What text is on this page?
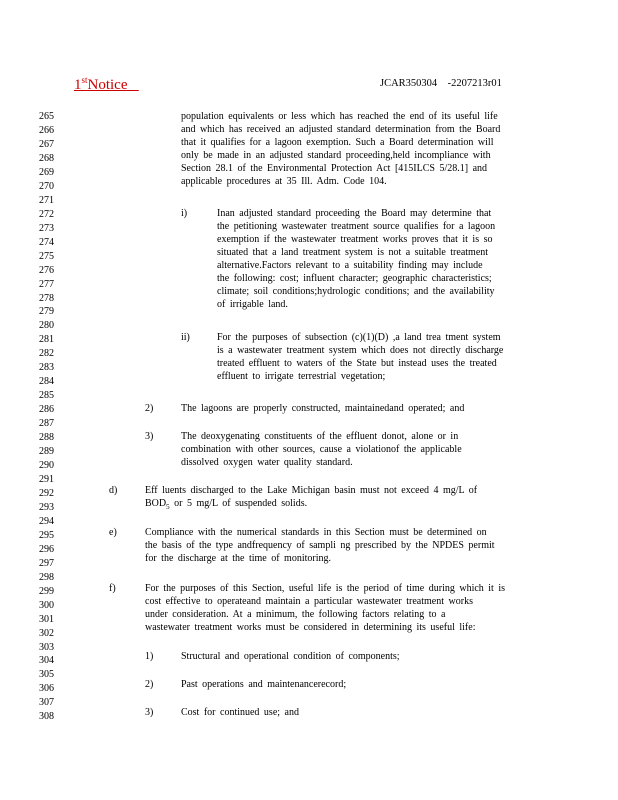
1stNotice	JCAR350304    -2207213r01
265
266
267
268
269
270
271
272
273
274
275
276
277
278
279
280
281
282
283
284
285
286
287
288
289
290
291
292
293
294
295
296
297
298
299
300
301
302
303
304
305
306
307
308
population equivalents or less which has reached the end of its useful life
and which has received an adjusted standard determination from the Board
that it qualifies for a lagoon exemption. Such a Board determination will
only be made in an adjusted standard proceeding,held incompliance with
Section 28.1 of the Environmental Protection Act [415ILCS 5/28.1] and
applicable procedures at 35 Ill. Adm. Code 104.
i)	Inan adjusted standard proceeding the Board may determine that
the petitioning wastewater treatment source qualifies for a lagoon
exemption if the wastewater treatment works proves that it is so
situated that a land treatment system is not a suitable treatment
alternative.Factors relevant to a suitability finding may include
the following: cost; influent character; geographic characteristics;
climate; soil conditions;hydrologic conditions; and the availability
of irrigable land.
ii)	For the purposes of subsection (c)(1)(D) ,a land trea tment system
is a wastewater treatment system which does not directly discharge
treated effluent to waters of the State but instead uses the treated
effluent to irrigate terrestrial vegetation;
2)	The lagoons are properly constructed, maintainedand operated; and
3)	The deoxygenating constituents of the effluent donot, alone or in
combination with other sources, cause a violationof the applicable
dissolved oxygen water quality standard.
d)	Eff luents discharged to the Lake Michigan basin must not exceed 4 mg/L of
$BOD_5$ or 5 mg/L of suspended solids.
e)	Compliance with the numerical standards in this Section must be determined on
the basis of the type andfrequency of sampli ng prescribed by the NPDES permit
for the discharge at the time of monitoring.
f)	For the purposes of this Section, useful life is the period of time during which it is
cost effective to operateand maintain a particular wastewater treatment works
under consideration. At a minimum, the following factors relating to a
wastewater treatment works must be considered in determining its useful life:
1)	Structural and operational condition of components;
2)	Past operations and maintenancerecord;
3)	Cost for continued use; and
